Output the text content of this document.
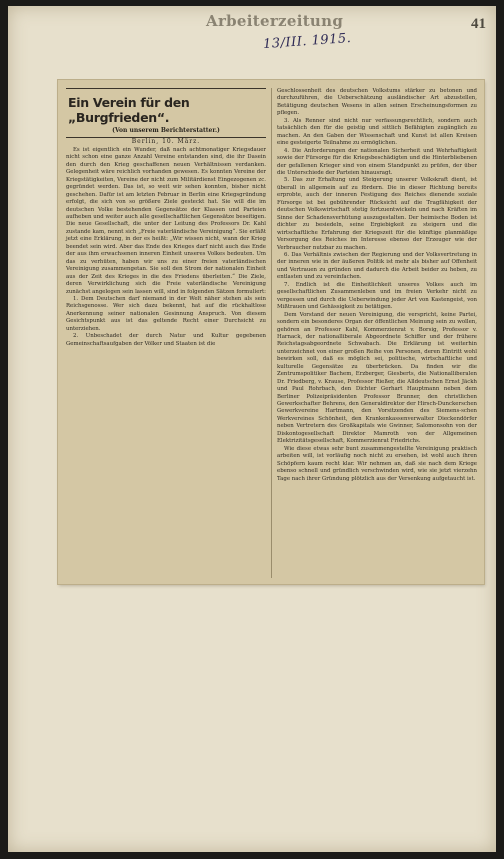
Arbeiterzeitung	41
13/III. 1915.
Ein Verein für den „Burgfrieden“.
(Von unserem Berichterstatter.)
Berlin, 10. März.

Es ist eigentlich ein Wunder, daß nach achtmonatiger Kriegsdauer nicht schon eine ganze Anzahl Vereine entstanden sind, die ihr Dasein den durch den Krieg geschaffenen neuen Verhältnissen verdanken. Gelegenheit wäre reichlich vorhanden gewesen. Es konnten Vereine der Kriegstätigkeiten, Vereine der nicht zum Militärdienst Eingezogenen zc. gegründet werden. Das ist, so weit wir sehen konnten, bisher nicht geschehen. Dafür ist am letzten Februar in Berlin eine Kriegsgründung erfolgt, die sich von so größere Ziele gesteckt hat. Sie will die im deutschen Volke bestehenden Gegensätze der Klassen und Parteien aufheben und weiter auch alle gesellschaftlichen Gegensätze beseitigen. Die neue Gesellschaft, die unter der Leitung des Professors Dr. Kahl zustande kam, nennt sich „Freie vaterländische Vereinigung“. Sie erläßt jetzt eine Erklärung, in der es heißt: „Wir wissen nicht, wann der Krieg beendet sein wird. Aber das Ende des Krieges darf nicht auch das Ende der aus ihm erwachsenen inneren Einheit unseres Volkes bedeuten. Um das zu verhüten, haben wir uns zu einer freien vaterländischen Vereinigung zusammengetan. Sie soll den Strom der nationalen Einheit aus der Zeit des Krieges in die des Friedens überleiten.“ Die Ziele, deren Verwirklichung sich die Freie vaterländische Vereinigung zunächst angelegen sein lassen will, sind in folgenden Sätzen formuliert:

1. Dem Deutschen darf niemand in der Welt näher stehen als sein Reichsgenosse. Wer sich dazu bekennt, hat auf die rückhaltlose Anerkennung seiner nationalen Gesinnung Anspruch. Von diesem Gesichtspunkt aus ist das geltende Recht einer Durchsicht zu unterziehen.

2. Unbeschadet der durch Natur und Kultur gegebenen Gemeinschaftsaufgaben der Völker und Staaten ist die

Geschlossenheit des deutschen Volkstums stärker zu betonen und durchzuführen, die Ueberschätzung ausländischer Art abzustellen, Betätigung deutschen Wesens in allen seinen Erscheinungsformen zu pflegen.

3. Als Renner sind nicht nur verfassungsrechtlich, sondern auch tatsächlich den für die geistig und sittlich Befähigten zugänglich zu machen. An den Gaben der Wissenschaft und Kunst ist allen Kreisen eine gesteigerte Teilnahme zu ermöglichen.

4. Die Anforderungen der nationalen Sicherheit und Wehrhaftigkeit sowie der Fürsorge für die Kriegsbeschädigten und die Hinterbliebenen der gefallenen Krieger sind von einem Standpunkt zu prüfen, der über die Unterschiede der Parteien hinausragt.

5. Das zur Erhaltung und Steigerung unserer Volkskraft dient, ist überall in allgemein auf zu fördern. Die in dieser Richtung bereits erprobte, auch der inneren Festigung des Reiches dienende soziale Fürsorge ist bei gebührender Rücksicht auf die Tragfähigkeit der deutschen Volkswirtschaft stetig fortzuentwickeln und nach Kräften im Sinne der Schadensverhütung auszugestalten. Der heimische Boden ist dichter zu besiedeln, seine Ergiebigkeit zu steigern und die wirtschaftliche Erfahrung der Kriegszeit für die künftige planmäßige Versorgung des Reiches im Interesse ebenso der Erzeuger wie der Verbraucher nutzbar zu machen.

6. Das Verhältnis zwischen der Regierung und der Volksvertretung in der inneren wie in der äußeren Politik ist mehr als bisher auf Offenheit und Vertrauen zu gründen und dadurch die Arbeit beider zu heben, zu entlasten und zu vereinfachen.

7. Endlich ist die Einheitlichkeit unseres Volkes auch im gesellschaftlichen Zusammenleben und im freien Verkehr nicht zu vergessen und durch die Ueberwindung jeder Art von Kastengeist, von Mißtrauen und Gehässigkeit zu betätigen.

Dem Vorstand der neuen Vereinigung, die verspricht, keine Partei, sondern ein besonderes Organ der öffentlichen Meinung sein zu wollen, gehören an Professor Kahl, Kommerzienrat v. Borsig, Professor v. Harnack, der nationalliberale Abgeordnete Schiffer und der frühere Reichstagsabgeordnete Schwabach. Die Erklärung ist weiterhin unterzeichnet von einer großen Reihe von Personen, deren Eintritt wohl bewirken soll, daß es möglich sei, politische, wirtschaftliche und kulturelle Gegensätze zu überbrücken. Da finden wir die Zentrumspolitiker Bachem, Erzberger, Giesberts, die Nationalliberalen Dr. Friedberg, v. Krause, Professor Rießer, die Alldeutschen Ernst Jäckh und Paul Rohrbach, den Dichter Gerhart Hauptmann neben dem Berliner Polizeipräsidenten Professor Brunner, den christlichen Gewerkschafter Behrens, den Generaldirektor der Hirsch-Dunckerschen Gewerkvereine Hartmann, den Vorsitzenden des Siemens-schen Werkvereines Schönheit, den Krankenkassenverwalter Dieckendörfer neben Vertretern des Großkapitals wie Gwinner, Salomonsohn von der Diskontogesellschaft Direktor Mamroth von der Allgemeinen Elektrizitätsgesellschaft, Kommerzienrat Friedrichs.

Wie diese etwas sehr bunt zusammengestellte Vereinigung praktisch arbeiten will, ist vorläufig noch nicht zu ersehen, ist wohl auch ihren Schöpfern kaum recht klar. Wir nehmen an, daß sie nach dem Kriege ebenso schnell und gründlich verschwinden wird, wie sie jetzt vierzehn Tage nach ihrer Gründung plötzlich aus der Versenkung aufgetaucht ist.
